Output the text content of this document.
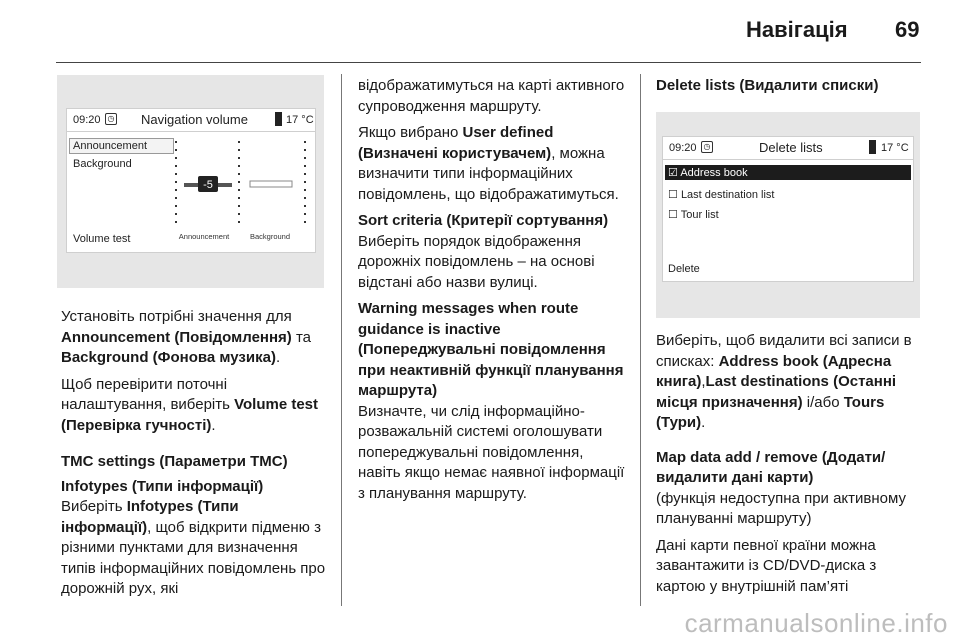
Навігація 69
09:20 ◷ Navigation volume	17 °C
Announcement
Background
Volume test
-5
Announcement	Background
09:20 ◷	Delete lists	17 °C
☑ Address book
☐ Last destination list
☐ Tour list
Delete

Установіть потрібні значення для Announcement (Повідомлення) та Background (Фонова музика).

Щоб перевірити поточні налаштування, виберіть Volume test (Перевірка гучності).

TMC settings (Параметри TMC)
Infotypes (Типи інформації)

Виберіть Infotypes (Типи інформації), щоб відкрити підменю з різними пунктами для визначення типів інформаційних повідомлень про дорожній рух, які

відображатимуться на карті активного супроводження маршруту.

Якщо вибрано User defined (Визначені користувачем), можна визначити типи інформаційних повідомлень, що відображатимуться.

Sort criteria (Критерії сортування)

Виберіть порядок відображення дорожніх повідомлень – на основі відстані або назви вулиці.

Warning messages when route guidance is inactive (Попереджувальні повідомлення при неактивній функції планування маршрута)

Визначте, чи слід інформаційно-розважальній системі оголошувати попереджувальні повідомлення, навіть якщо немає наявної інформації з планування маршруту.

Delete lists (Видалити списки)

Виберіть, щоб видалити всі записи в списках: Address book (Адресна книга),Last destinations (Останні місця призначення) і/або Tours (Тури).

Map data add / remove (Додати/видалити дані карти)

(функція недоступна при активному плануванні маршруту)

Дані карти певної країни можна завантажити із CD/DVD-диска з картою у внутрішній пам’яті

carmanualsonline.info
